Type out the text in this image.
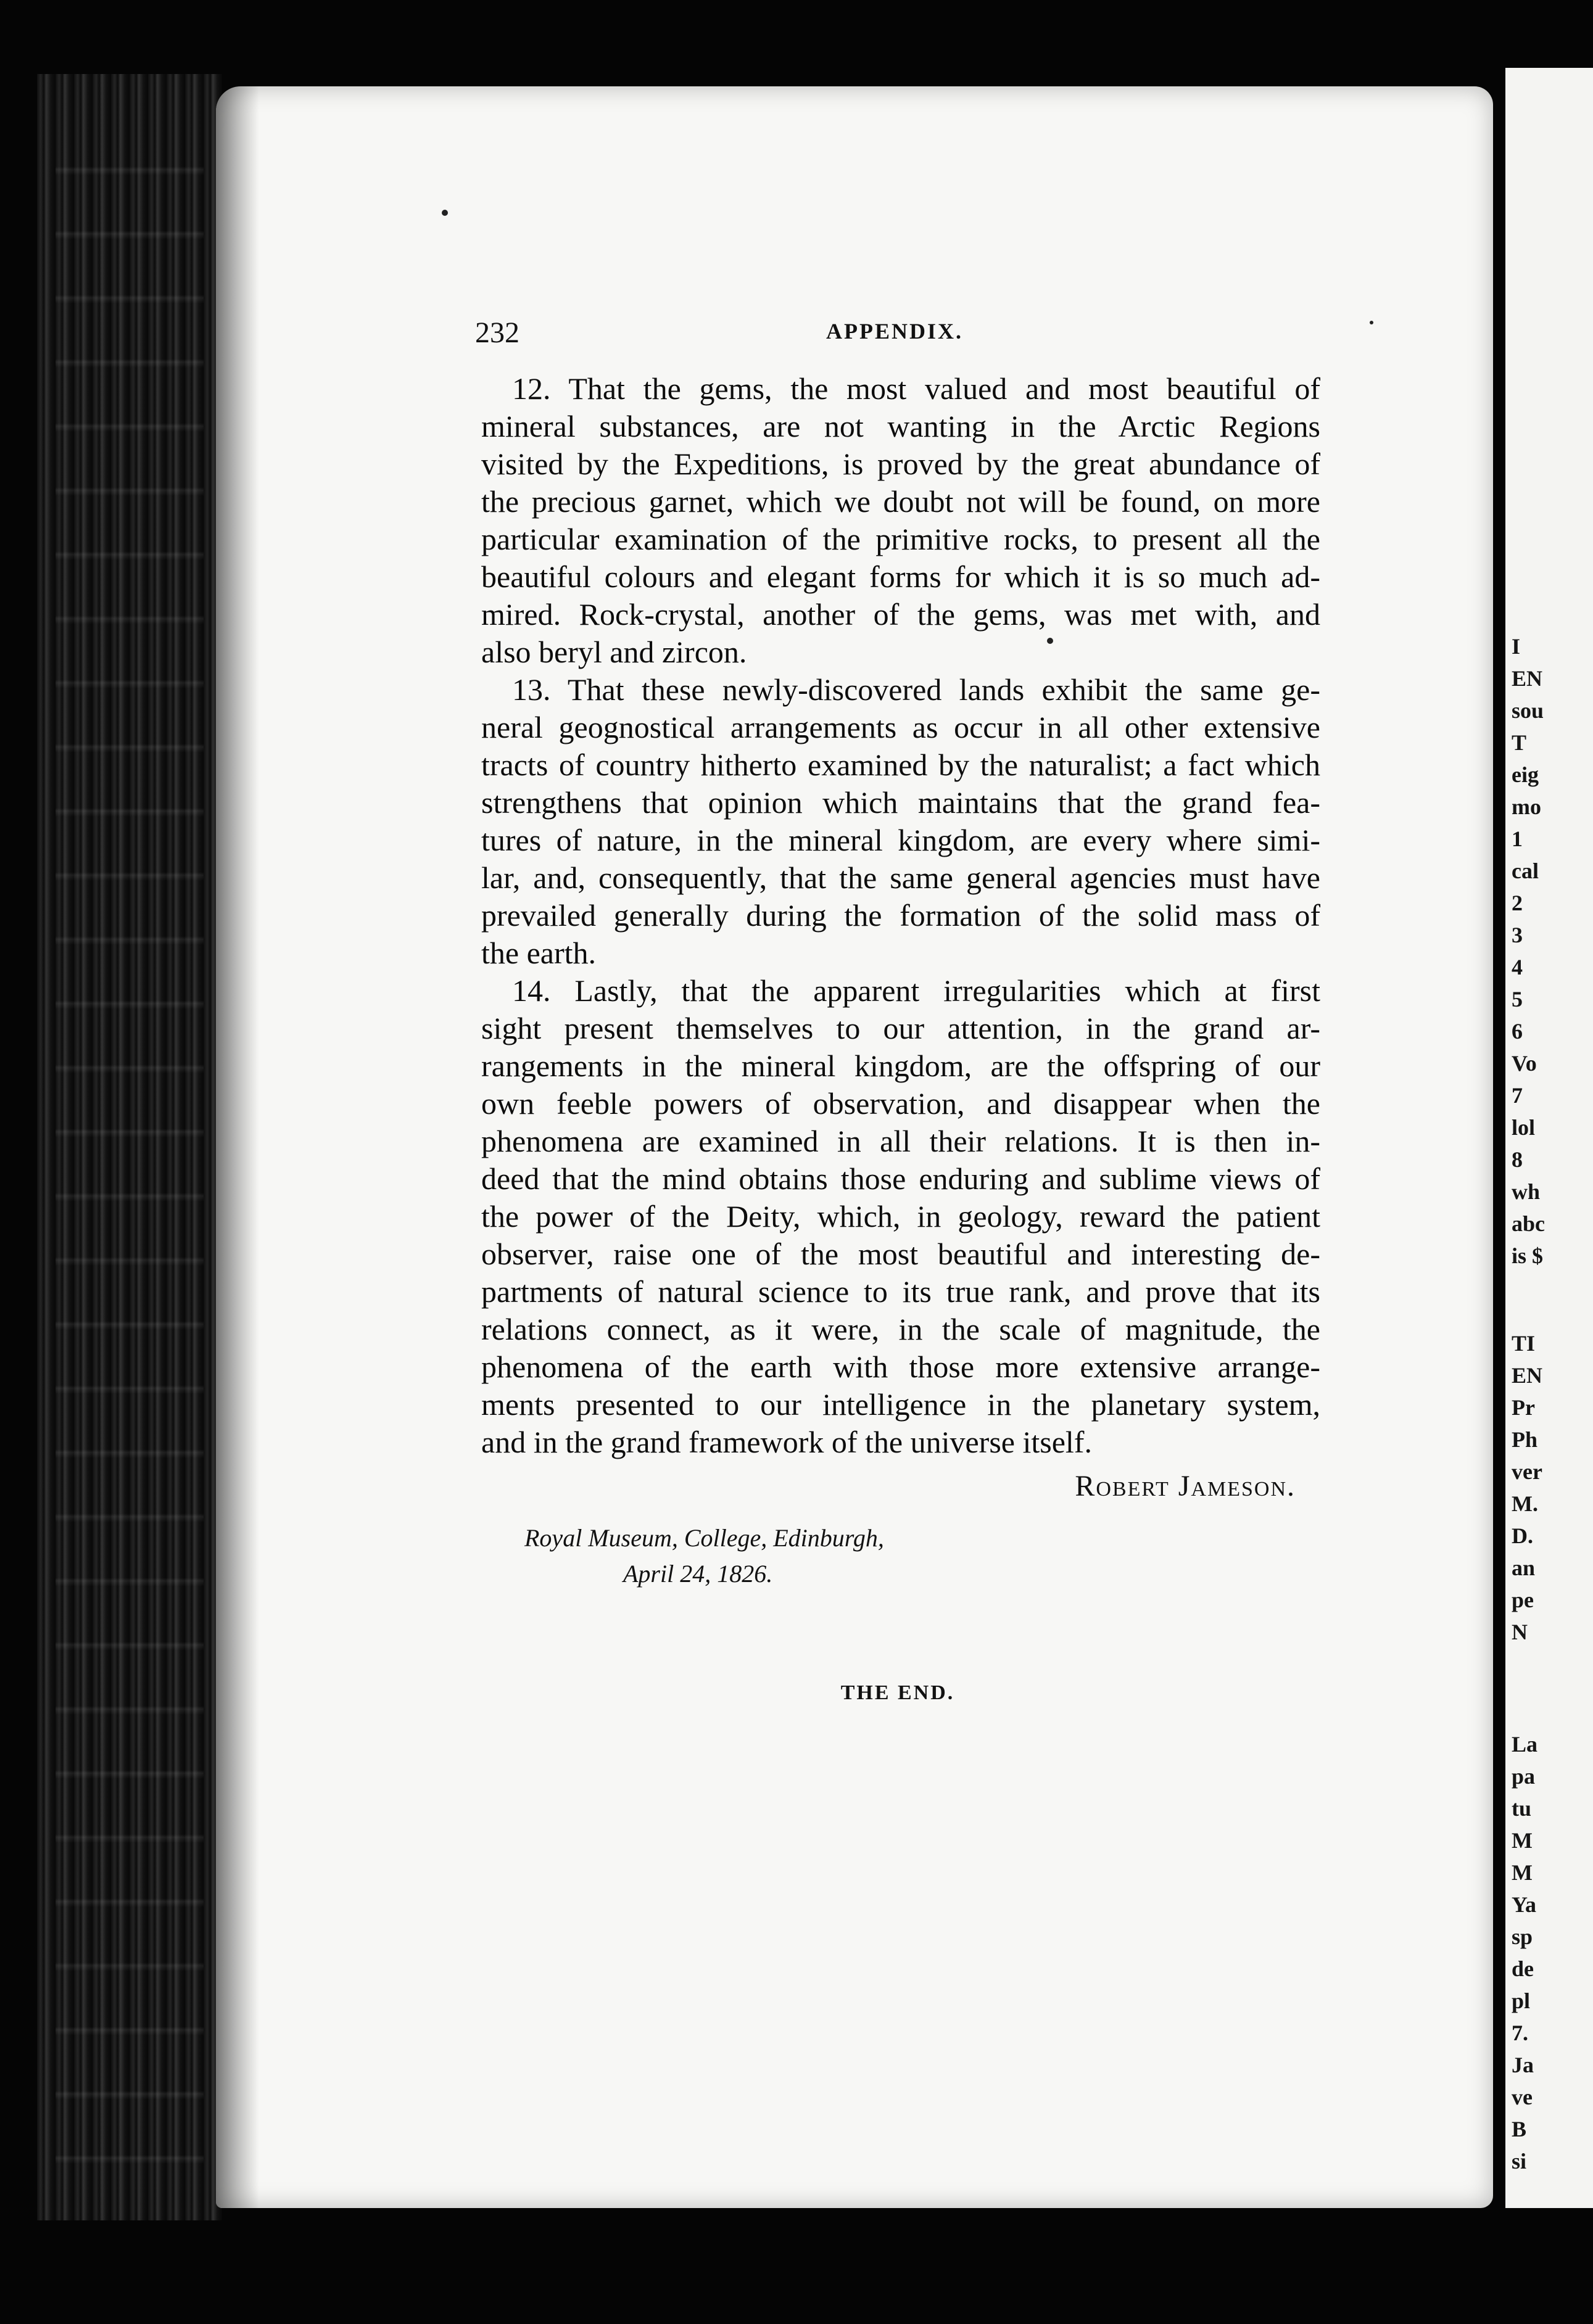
I
EN
sou
T
eig
mo
1
cal
2
3
4
5
6
Vo
7
lol
8
wh
abc
is $
TI
EN
Pr
Ph
ver
M.
D.
an
pe
N
La
pa
tu
M
M
Ya
sp
de
pl
7.
Ja
ve
B
si
232	APPENDIX.
12. That the gems, the most valued and most beautiful of
mineral substances, are not wanting in the Arctic Regions
visited by the Expeditions, is proved by the great abundance of
the precious garnet, which we doubt not will be found, on more
particular examination of the primitive rocks, to present all the
beautiful colours and elegant forms for which it is so much ad-
mired. Rock-crystal, another of the gems, was met with, and
also beryl and zircon.
13. That these newly-discovered lands exhibit the same ge-
neral geognostical arrangements as occur in all other extensive
tracts of country hitherto examined by the naturalist; a fact which
strengthens that opinion which maintains that the grand fea-
tures of nature, in the mineral kingdom, are every where simi-
lar, and, consequently, that the same general agencies must have
prevailed generally during the formation of the solid mass of
the earth.
14. Lastly, that the apparent irregularities which at first
sight present themselves to our attention, in the grand ar-
rangements in the mineral kingdom, are the offspring of our
own feeble powers of observation, and disappear when the
phenomena are examined in all their relations. It is then in-
deed that the mind obtains those enduring and sublime views of
the power of the Deity, which, in geology, reward the patient
observer, raise one of the most beautiful and interesting de-
partments of natural science to its true rank, and prove that its
relations connect, as it were, in the scale of magnitude, the
phenomena of the earth with those more extensive arrange-
ments presented to our intelligence in the planetary system,
and in the grand framework of the universe itself.
Robert Jameson.
Royal Museum, College, Edinburgh,
April 24, 1826.
THE END.
